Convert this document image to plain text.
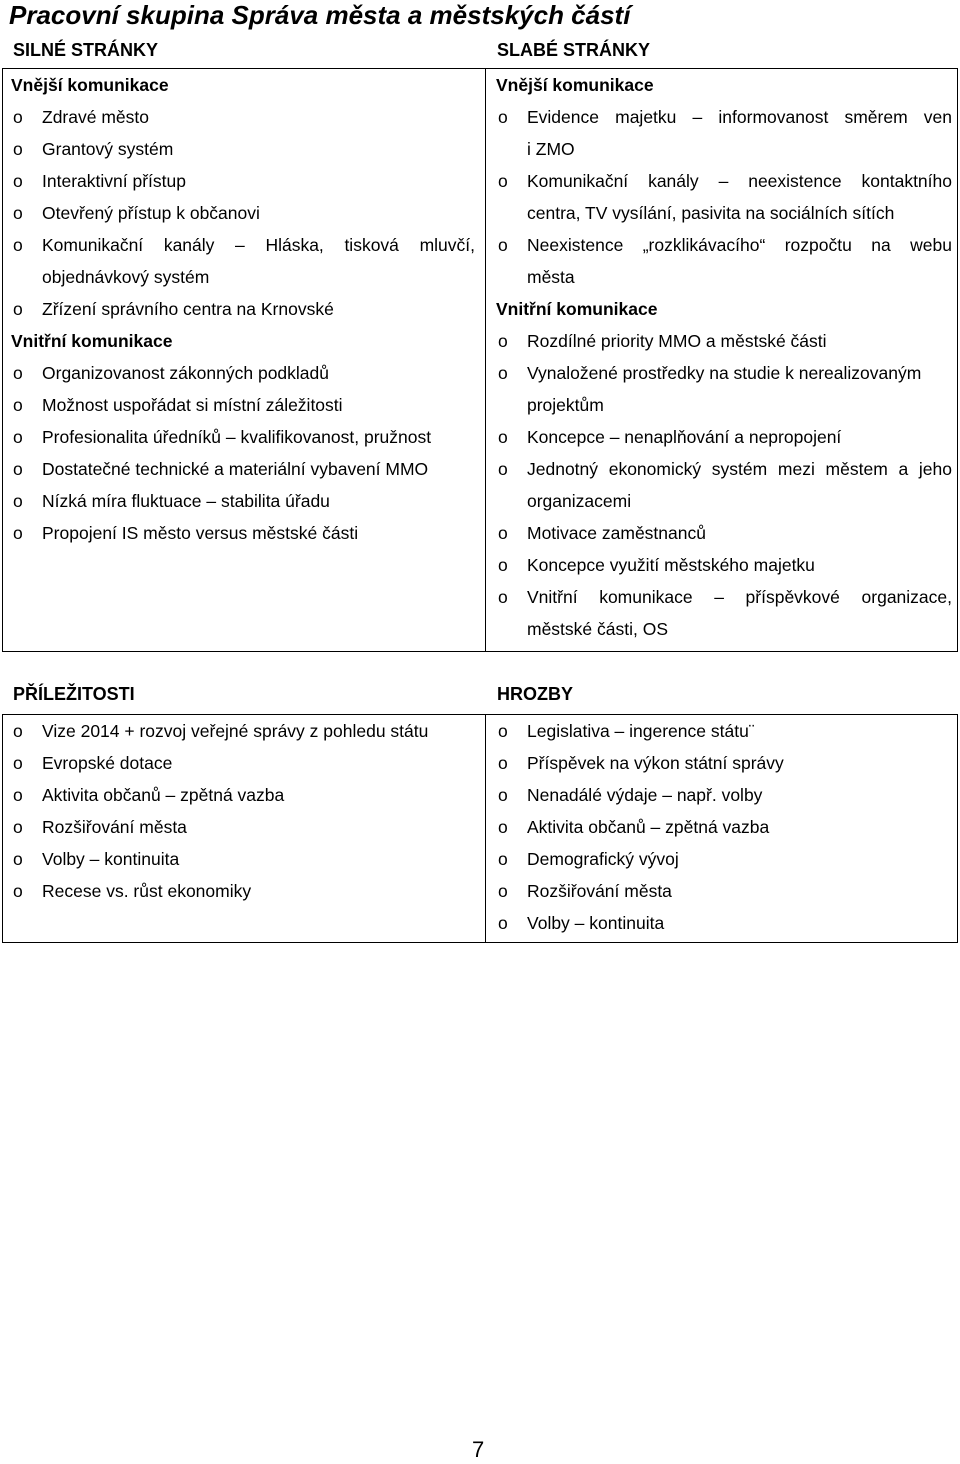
Pracovní skupina Správa města a městských částí
SILNÉ STRÁNKY	SLABÉ STRÁNKY
Vnější komunikace
o Zdravé město
o Grantový systém
o Interaktivní přístup
o Otevřený přístup k občanovi
o Komunikační kanály – Hláska, tisková mluvčí,
objednávkový systém
o Zřízení správního centra na Krnovské
Vnitřní komunikace
o Organizovanost zákonných podkladů
o Možnost uspořádat si místní záležitosti
o Profesionalita úředníků – kvalifikovanost, pružnost
o Dostatečné technické a materiální vybavení MMO
o Nízká míra fluktuace – stabilita úřadu
o Propojení IS město versus městské části
Vnější komunikace
o Evidence majetku – informovanost směrem ven
i ZMO
o Komunikační kanály – neexistence kontaktního
centra, TV vysílání, pasivita na sociálních sítích
o Neexistence „rozklikávacího“ rozpočtu na webu
města
Vnitřní komunikace
o Rozdílné priority MMO a městské části
o Vynaložené prostředky na studie k nerealizovaným
projektům
o Koncepce – nenaplňování a nepropojení
o Jednotný ekonomický systém mezi městem a jeho
organizacemi
o Motivace zaměstnanců
o Koncepce využití městského majetku
o Vnitřní komunikace – příspěvkové organizace,
městské části, OS
PŘÍLEŽITOSTI	HROZBY
o Vize 2014 + rozvoj veřejné správy z pohledu státu
o Evropské dotace
o Aktivita občanů – zpětná vazba
o Rozšiřování města
o Volby – kontinuita
o Recese vs. růst ekonomiky
o Legislativa – ingerence státu¨
o Příspěvek na výkon státní správy
o Nenadálé výdaje – např. volby
o Aktivita občanů – zpětná vazba
o Demografický vývoj
o Rozšiřování města
o Volby – kontinuita
7
